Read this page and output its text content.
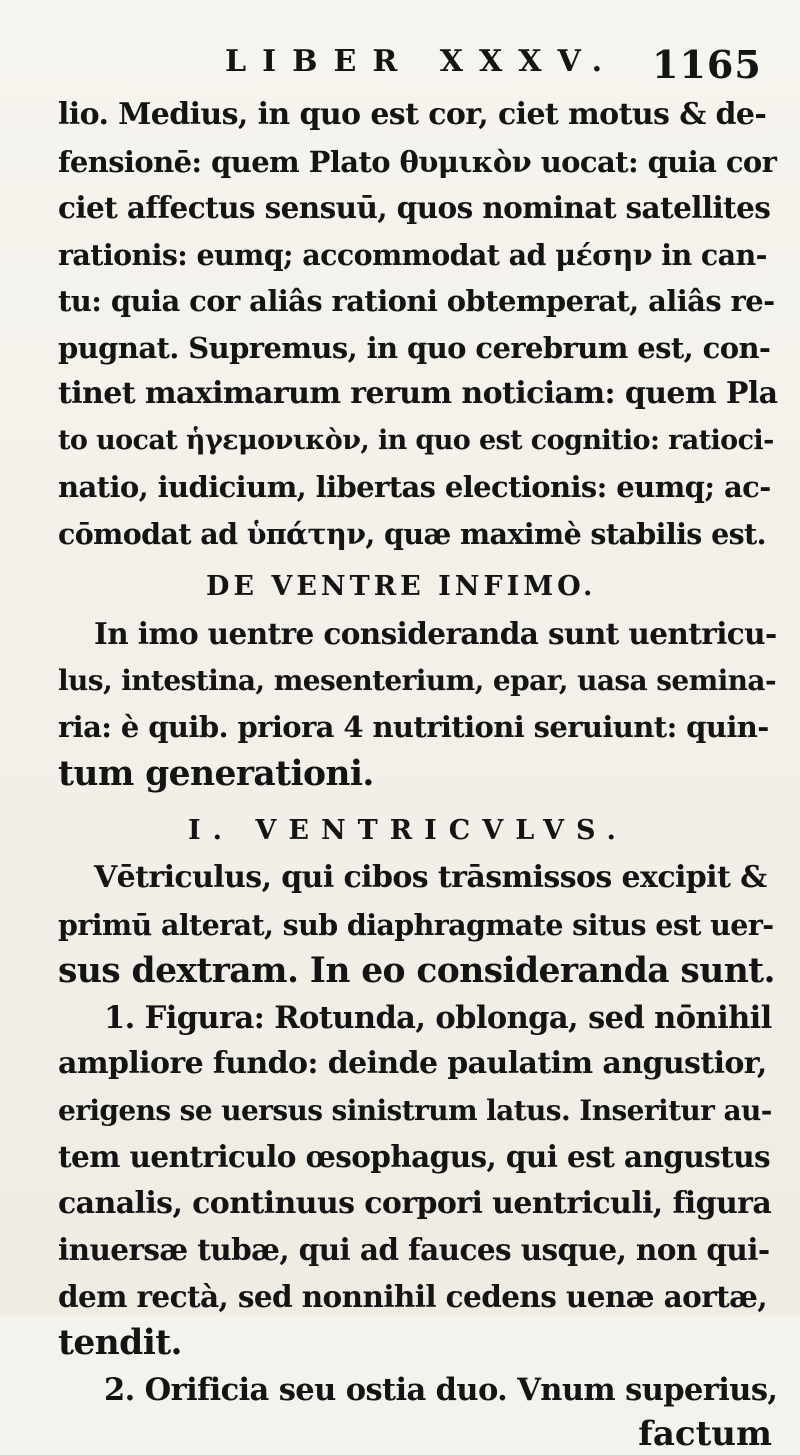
LIBER XXXV. 1165
lio. Medius, in quo est cor, ciet motus & de-
fensionē: quem Plato θυμικὸν uocat: quia cor
ciet affectus sensuū, quos nominat satellites
rationis: eumq; accommodat ad μέσην in can-
tu: quia cor aliâs rationi obtemperat, aliâs re-
pugnat. Supremus, in quo cerebrum est, con-
tinet maximarum rerum noticiam: quem Pla
to uocat ἡγεμονικὸν, in quo est cognitio: ratioci-
natio, iudicium, libertas electionis: eumq; ac-
cōmodat ad ὑπάτην, quæ maximè stabilis est.
DE VENTRE INFIMO.
In imo uentre consideranda sunt uentricu-
lus, intestina, mesenterium, epar, uasa semina-
ria: è quib. priora 4 nutritioni seruiunt: quin-
tum generationi.
I. VENTRICVLVS.
Vētriculus, qui cibos trāsmissos excipit &
primū alterat, sub diaphragmate situs est uer-
sus dextram. In eo consideranda sunt.
1. Figura: Rotunda, oblonga, sed nōnihil
ampliore fundo: deinde paulatim angustior,
erigens se uersus sinistrum latus. Inseritur au-
tem uentriculo œsophagus, qui est angustus
canalis, continuus corpori uentriculi, figura
inuersæ tubæ, qui ad fauces usque, non qui-
dem rectà, sed nonnihil cedens uenæ aortæ,
tendit.
2. Orificia seu ostia duo. Vnum superius,
factum
